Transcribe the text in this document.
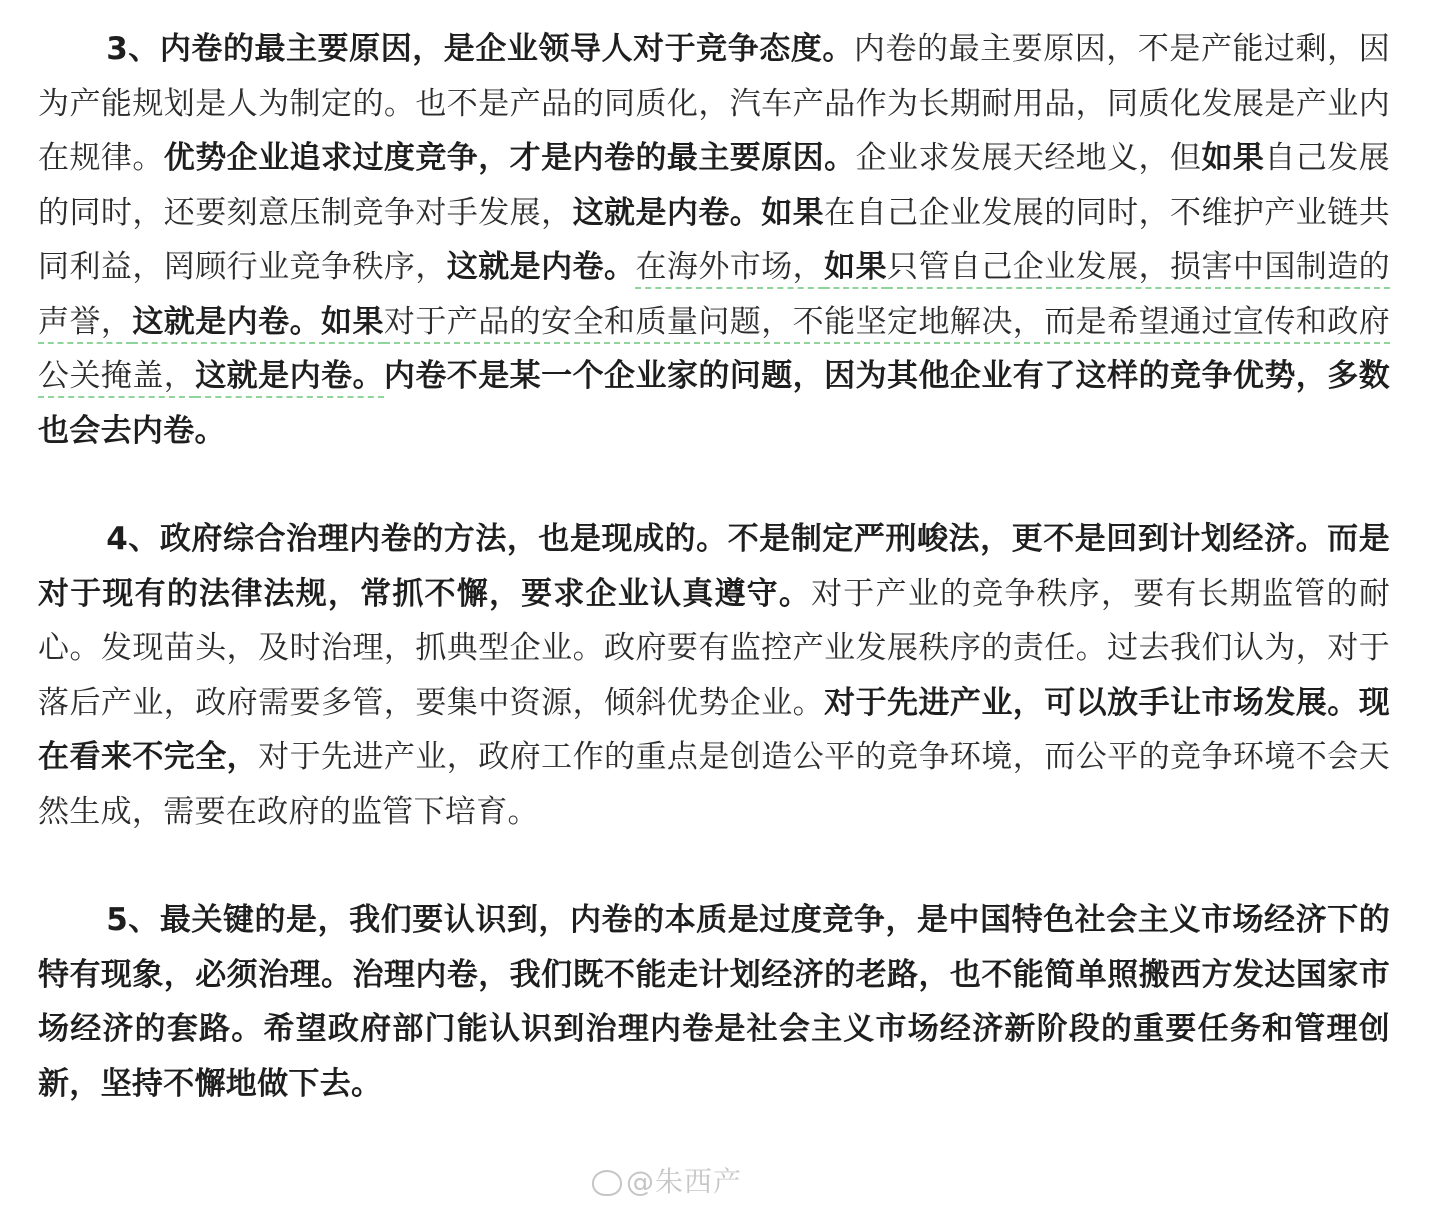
3、内卷的最主要原因，是企业领导人对于竞争态度。内卷的最主要原因，不是产能过剩，因为产能规划是人为制定的。也不是产品的同质化，汽车产品作为长期耐用品，同质化发展是产业内在规律。优势企业追求过度竞争，才是内卷的最主要原因。企业求发展天经地义，但如果自己发展的同时，还要刻意压制竞争对手发展，这就是内卷。如果在自己企业发展的同时，不维护产业链共同利益，罔顾行业竞争秩序，这就是内卷。在海外市场，如果只管自己企业发展，损害中国制造的声誉，这就是内卷。如果对于产品的安全和质量问题，不能坚定地解决，而是希望通过宣传和政府公关掩盖，这就是内卷。内卷不是某一个企业家的问题，因为其他企业有了这样的竞争优势，多数也会去内卷。

4、政府综合治理内卷的方法，也是现成的。不是制定严刑峻法，更不是回到计划经济。而是对于现有的法律法规，常抓不懈，要求企业认真遵守。对于产业的竞争秩序，要有长期监管的耐心。发现苗头，及时治理，抓典型企业。政府要有监控产业发展秩序的责任。过去我们认为，对于落后产业，政府需要多管，要集中资源，倾斜优势企业。对于先进产业，可以放手让市场发展。现在看来不完全，对于先进产业，政府工作的重点是创造公平的竞争环境，而公平的竞争环境不会天然生成，需要在政府的监管下培育。

5、最关键的是，我们要认识到，内卷的本质是过度竞争，是中国特色社会主义市场经济下的特有现象，必须治理。治理内卷，我们既不能走计划经济的老路，也不能简单照搬西方发达国家市场经济的套路。希望政府部门能认识到治理内卷是社会主义市场经济新阶段的重要任务和管理创新，坚持不懈地做下去。

@朱西产
